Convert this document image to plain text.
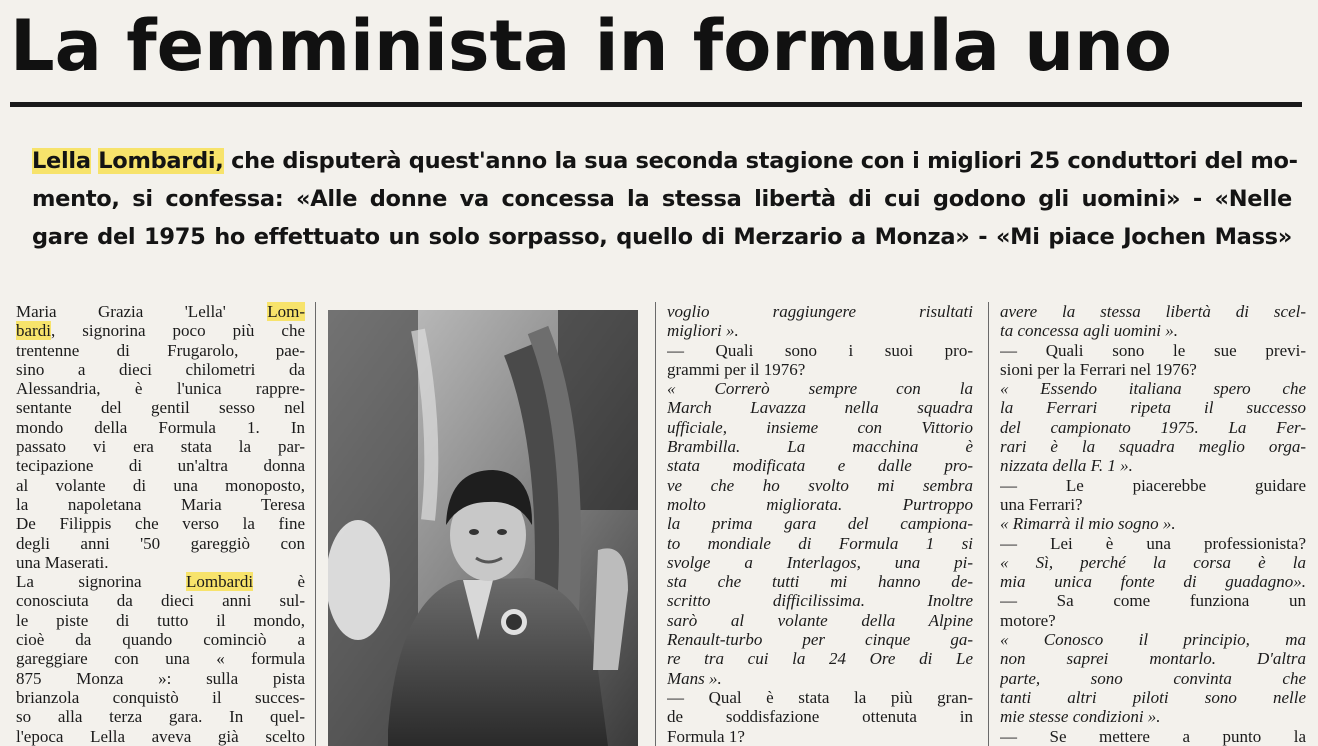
La femminista in formula uno
Lella Lombardi, che disputerà quest'anno la sua seconda stagione con i migliori 25 conduttori del mo-
mento, si confessa: «Alle donne va concessa la stessa libertà di cui godono gli uomini» - «Nelle
gare del 1975 ho effettuato un solo sorpasso, quello di Merzario a Monza» - «Mi piace Jochen Mass»
Maria Grazia 'Lella' Lom-
bardi, signorina poco più che
trentenne di Frugarolo, pae-
sino a dieci chilometri da
Alessandria, è l'unica rappre-
sentante del gentil sesso nel
mondo della Formula 1. In
passato vi era stata la par-
tecipazione di un'altra donna
al volante di una monoposto,
la napoletana Maria Teresa
De Filippis che verso la fine
degli anni '50 gareggiò con
una Maserati.
La signorina Lombardi è
conosciuta da dieci anni sul-
le piste di tutto il mondo,
cioè da quando cominciò a
gareggiare con una « formula
875 Monza »: sulla pista
brianzola conquistò il succes-
so alla terza gara. In quel-
l'epoca Lella aveva già scelto
voglio raggiungere risultati
migliori ».
— Quali sono i suoi pro-
grammi per il 1976?
« Correrò sempre con la
March Lavazza nella squadra
ufficiale, insieme con Vittorio
Brambilla. La macchina è
stata modificata e dalle pro-
ve che ho svolto mi sembra
molto migliorata. Purtroppo
la prima gara del campiona-
to mondiale di Formula 1 si
svolge a Interlagos, una pi-
sta che tutti mi hanno de-
scritto difficilissima. Inoltre
sarò al volante della Alpine
Renault-turbo per cinque ga-
re tra cui la 24 Ore di Le
Mans ».
— Qual è stata la più gran-
de soddisfazione ottenuta in
Formula 1?
avere la stessa libertà di scel-
ta concessa agli uomini ».
— Quali sono le sue previ-
sioni per la Ferrari nel 1976?
« Essendo italiana spero che
la Ferrari ripeta il successo
del campionato 1975. La Fer-
rari è la squadra meglio orga-
nizzata della F. 1 ».
— Le piacerebbe guidare
una Ferrari?
« Rimarrà il mio sogno ».
— Lei è una professionista?
« Sì, perché la corsa è la
mia unica fonte di guadagno».
— Sa come funziona un
motore?
« Conosco il principio, ma
non saprei montarlo. D'altra
parte, sono convinta che
tanti altri piloti sono nelle
mie stesse condizioni ».
— Se mettere a punto la
